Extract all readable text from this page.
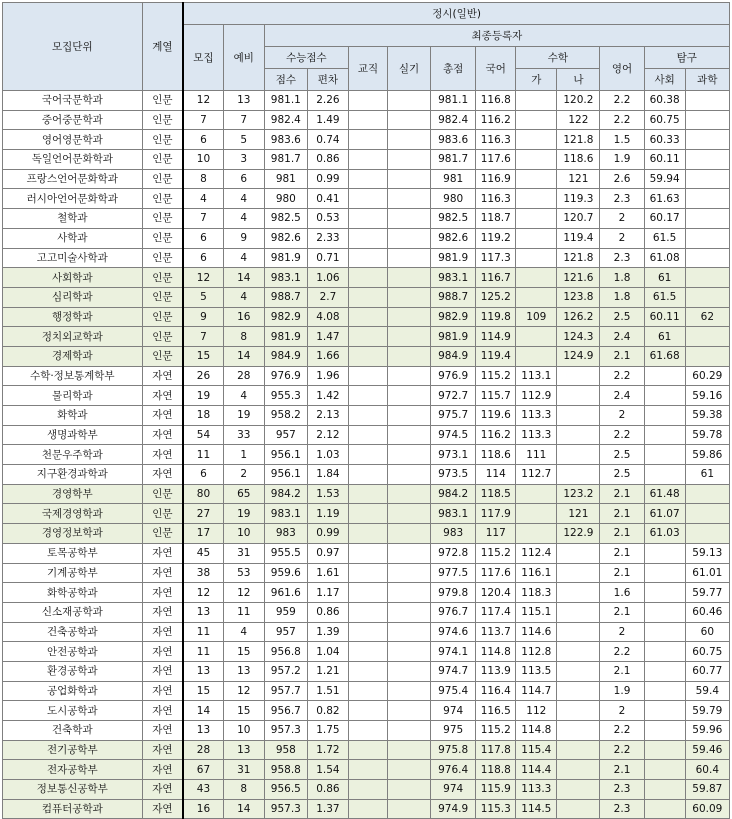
모집단위	계열	정시(일반)												
		모집	예비	최종등록자										
				수능점수		교직	실기	총점	국어	수학		영어	탐구	
				점수	편차					가	나		사회	과학
국어국문학과	인문	12	13	981.1	2.26			981.1	116.8		120.2	2.2	60.38	
중어중문학과	인문	7	7	982.4	1.49			982.4	116.2		122	2.2	60.75	
영어영문학과	인문	6	5	983.6	0.74			983.6	116.3		121.8	1.5	60.33	
독일언어문화학과	인문	10	3	981.7	0.86			981.7	117.6		118.6	1.9	60.11	
프랑스언어문화학과	인문	8	6	981	0.99			981	116.9		121	2.6	59.94	
러시아언어문화학과	인문	4	4	980	0.41			980	116.3		119.3	2.3	61.63	
철학과	인문	7	4	982.5	0.53			982.5	118.7		120.7	2	60.17	
사학과	인문	6	9	982.6	2.33			982.6	119.2		119.4	2	61.5	
고고미술사학과	인문	6	4	981.9	0.71			981.9	117.3		121.8	2.3	61.08	
사회학과	인문	12	14	983.1	1.06			983.1	116.7		121.6	1.8	61	
심리학과	인문	5	4	988.7	2.7			988.7	125.2		123.8	1.8	61.5	
행정학과	인문	9	16	982.9	4.08			982.9	119.8	109	126.2	2.5	60.11	62
정치외교학과	인문	7	8	981.9	1.47			981.9	114.9		124.3	2.4	61	
경제학과	인문	15	14	984.9	1.66			984.9	119.4		124.9	2.1	61.68	
수학·정보통계학부	자연	26	28	976.9	1.96			976.9	115.2	113.1		2.2		60.29
물리학과	자연	19	4	955.3	1.42			972.7	115.7	112.9		2.4		59.16
화학과	자연	18	19	958.2	2.13			975.7	119.6	113.3		2		59.38
생명과학부	자연	54	33	957	2.12			974.5	116.2	113.3		2.2		59.78
천문우주학과	자연	11	1	956.1	1.03			973.1	118.6	111		2.5		59.86
지구환경과학과	자연	6	2	956.1	1.84			973.5	114	112.7		2.5		61
경영학부	인문	80	65	984.2	1.53			984.2	118.5		123.2	2.1	61.48	
국제경영학과	인문	27	19	983.1	1.19			983.1	117.9		121	2.1	61.07	
경영정보학과	인문	17	10	983	0.99			983	117		122.9	2.1	61.03	
토목공학부	자연	45	31	955.5	0.97			972.8	115.2	112.4		2.1		59.13
기계공학부	자연	38	53	959.6	1.61			977.5	117.6	116.1		2.1		61.01
화학공학과	자연	12	12	961.6	1.17			979.8	120.4	118.3		1.6		59.77
신소재공학과	자연	13	11	959	0.86			976.7	117.4	115.1		2.1		60.46
건축공학과	자연	11	4	957	1.39			974.6	113.7	114.6		2		60
안전공학과	자연	11	15	956.8	1.04			974.1	114.8	112.8		2.2		60.75
환경공학과	자연	13	13	957.2	1.21			974.7	113.9	113.5		2.1		60.77
공업화학과	자연	15	12	957.7	1.51			975.4	116.4	114.7		1.9		59.4
도시공학과	자연	14	15	956.7	0.82			974	116.5	112		2		59.79
건축학과	자연	13	10	957.3	1.75			975	115.2	114.8		2.2		59.96
전기공학부	자연	28	13	958	1.72			975.8	117.8	115.4		2.2		59.46
전자공학부	자연	67	31	958.8	1.54			976.4	118.8	114.4		2.1		60.4
정보통신공학부	자연	43	8	956.5	0.86			974	115.9	113.3		2.3		59.87
컴퓨터공학과	자연	16	14	957.3	1.37			974.9	115.3	114.5		2.3		60.09
